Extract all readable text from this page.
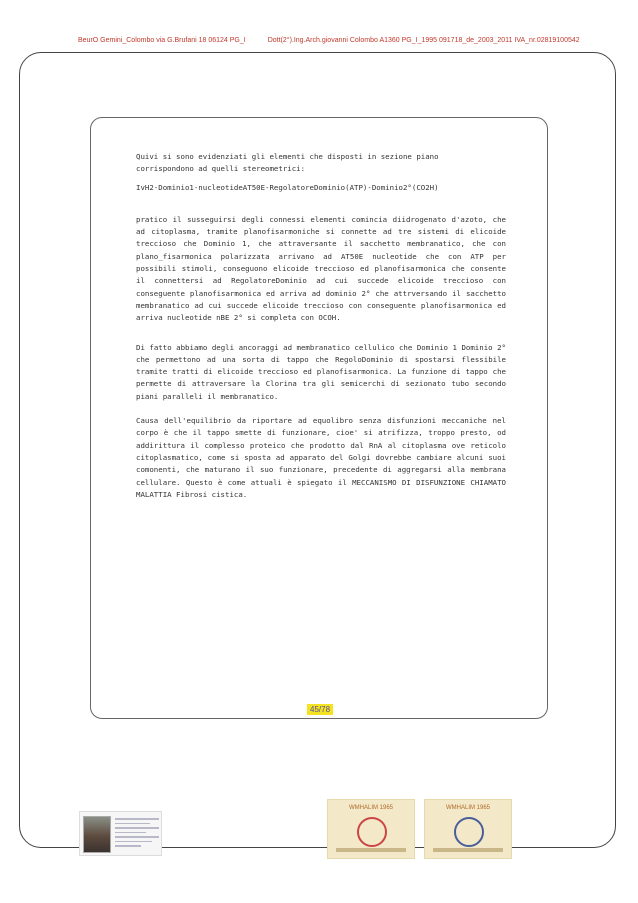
BeurO Gemini_Colombo via G.Brufani 18 06124 PG_I	Dott(2°).Ing.Arch.giovanni Colombo A1360 PG_I_1995 091718_de_2003_2011 IVA_nr.02819100542

Quivi si sono evidenziati gli elementi che disposti in sezione piano

corrispondono ad quelli stereometrici:

IvH2-Dominio1-nucleotideAT50E-RegolatoreDominio(ATP)-Dominio2°(CO2H)

pratico il susseguirsi degli connessi elementi comincia diidrogenato d'azoto, che ad citoplasma, tramite planofisarmoniche si connette ad tre sistemi di elicoide treccioso che Dominio 1, che attraversante il sacchetto membranatico, che con plano_fisarmonica polarizzata arrivano ad AT50E nucleotide che con ATP per possibili stimoli, conseguono elicoide treccioso ed planofisarmonica che consente il connettersi ad RegolatoreDominio ad cui succede elicoide treccioso con conseguente planofisarmonica ed arriva ad dominio 2° che attrversando il sacchetto membranatico ad cui succede elicoide treccioso con conseguente planofisarmonica ed arriva nucleotide nBE 2° si completa con OCOH.

Di fatto abbiamo degli ancoraggi ad membranatico cellulico che Dominio 1 Dominio 2° che permettono ad una sorta di tappo che RegoloDominio di spostarsi flessibile tramite tratti di elicoide treccioso ed planofisarmonica. La funzione di tappo che permette di attraversare la Clorina tra gli semicerchi di sezionato tubo secondo piani paralleli il membranatico.

Causa dell'equilibrio da riportare ad equolibro senza disfunzioni meccaniche nel corpo è che il tappo smette di funzionare, cioe' si atrifizza, troppo presto, od addirittura il complesso proteico che prodotto dal RnA al citoplasma ove reticolo citoplasmatico, come si sposta ad apparato del Golgi dovrebbe cambiare alcuni suoi comonenti, che maturano il suo funzionare, precedente di aggregarsi alla membrana cellulare. Questo è come attuali è spiegato il MECCANISMO DI DISFUNZIONE CHIAMATO MALATTIA Fibrosi cistica.

45/78
WMHALIM 1965	WMHALIM 1965
